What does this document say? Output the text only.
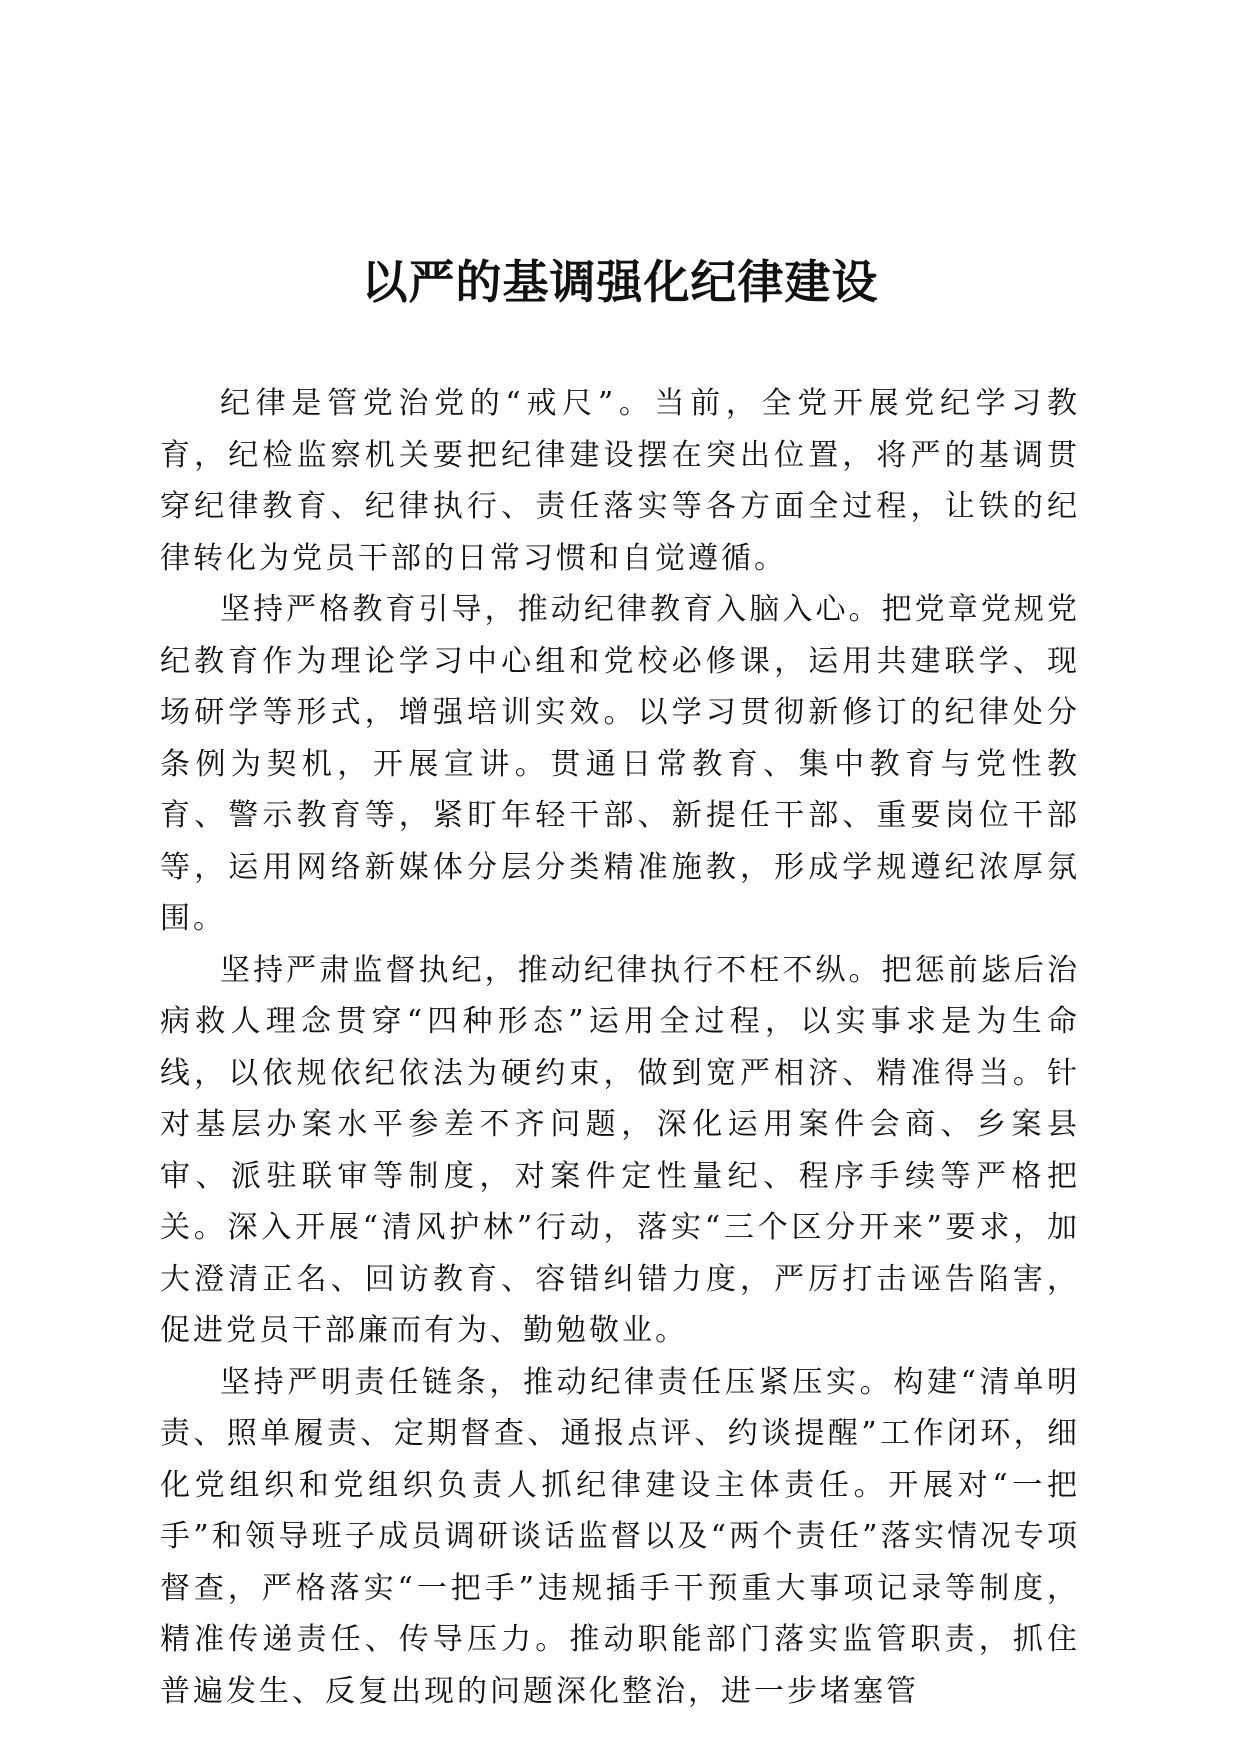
以严的基调强化纪律建设

纪律是管党治党的“戒尺”。当前，全党开展党纪学习教育，纪检监察机关要把纪律建设摆在突出位置，将严的基调贯穿纪律教育、纪律执行、责任落实等各方面全过程，让铁的纪律转化为党员干部的日常习惯和自觉遵循。

坚持严格教育引导，推动纪律教育入脑入心。把党章党规党纪教育作为理论学习中心组和党校必修课，运用共建联学、现场研学等形式，增强培训实效。以学习贯彻新修订的纪律处分条例为契机，开展宣讲。贯通日常教育、集中教育与党性教育、警示教育等，紧盯年轻干部、新提任干部、重要岗位干部等，运用网络新媒体分层分类精准施教，形成学规遵纪浓厚氛围。

坚持严肃监督执纪，推动纪律执行不枉不纵。把惩前毖后治病救人理念贯穿“四种形态”运用全过程，以实事求是为生命线，以依规依纪依法为硬约束，做到宽严相济、精准得当。针对基层办案水平参差不齐问题，深化运用案件会商、乡案县审、派驻联审等制度，对案件定性量纪、程序手续等严格把关。深入开展“清风护林”行动，落实“三个区分开来”要求，加大澄清正名、回访教育、容错纠错力度，严厉打击诬告陷害，促进党员干部廉而有为、勤勉敬业。

坚持严明责任链条，推动纪律责任压紧压实。构建“清单明责、照单履责、定期督查、通报点评、约谈提醒”工作闭环，细化党组织和党组织负责人抓纪律建设主体责任。开展对“一把手”和领导班子成员调研谈话监督以及“两个责任”落实情况专项督查，严格落实“一把手”违规插手干预重大事项记录等制度，精准传递责任、传导压力。推动职能部门落实监管职责，抓住普遍发生、反复出现的问题深化整治，进一步堵塞管
